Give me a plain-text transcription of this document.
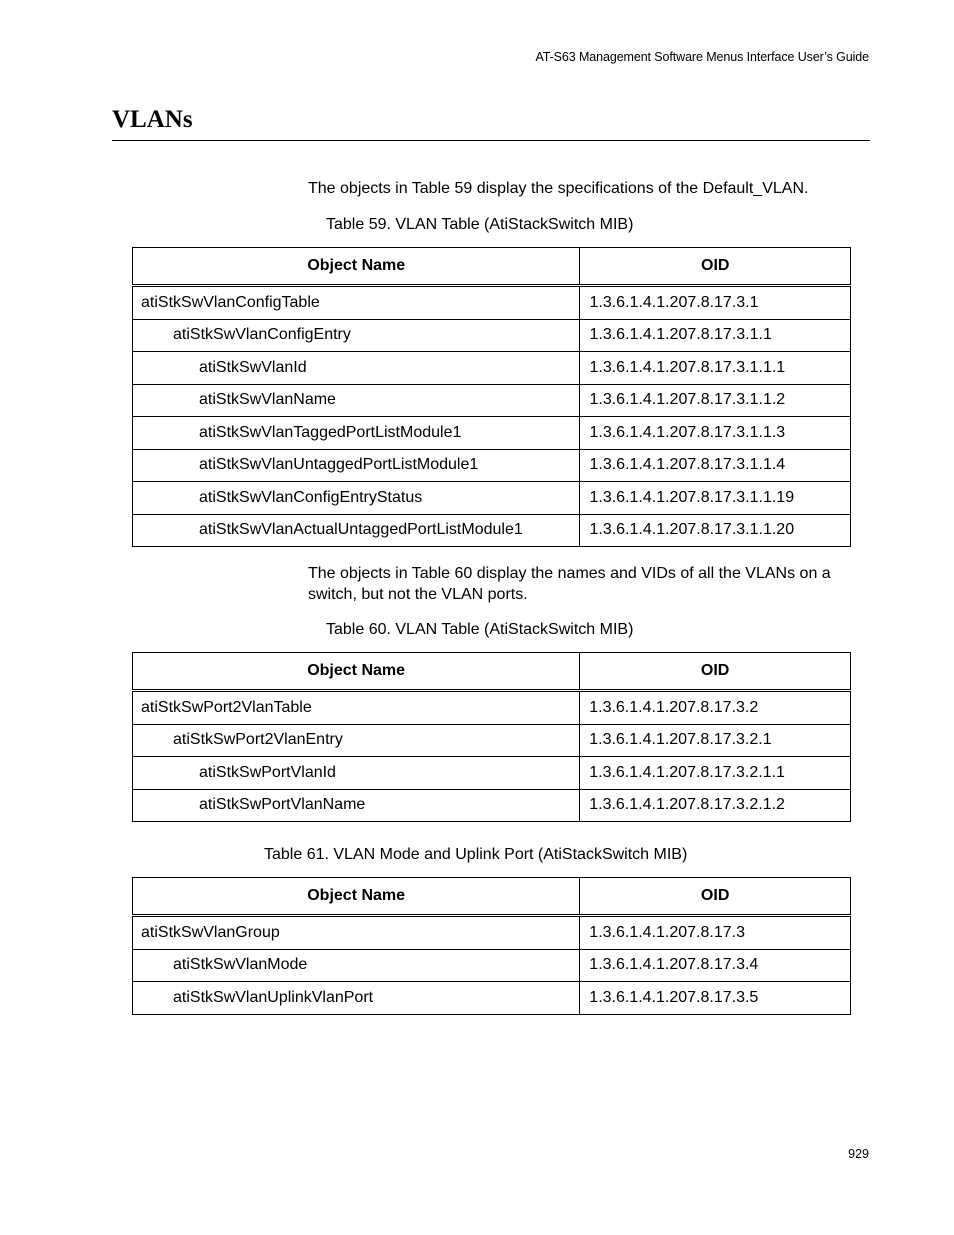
AT-S63 Management Software Menus Interface User’s Guide
VLANs
The objects in Table 59 display the specifications of the Default_VLAN.
Table 59. VLAN Table (AtiStackSwitch MIB)
Object Name	OID
atiStkSwVlanConfigTable	1.3.6.1.4.1.207.8.17.3.1
atiStkSwVlanConfigEntry	1.3.6.1.4.1.207.8.17.3.1.1
atiStkSwVlanId	1.3.6.1.4.1.207.8.17.3.1.1.1
atiStkSwVlanName	1.3.6.1.4.1.207.8.17.3.1.1.2
atiStkSwVlanTaggedPortListModule1	1.3.6.1.4.1.207.8.17.3.1.1.3
atiStkSwVlanUntaggedPortListModule1	1.3.6.1.4.1.207.8.17.3.1.1.4
atiStkSwVlanConfigEntryStatus	1.3.6.1.4.1.207.8.17.3.1.1.19
atiStkSwVlanActualUntaggedPortListModule1	1.3.6.1.4.1.207.8.17.3.1.1.20
The objects in Table 60 display the names and VIDs of all the VLANs on a switch, but not the VLAN ports.
Table 60. VLAN Table (AtiStackSwitch MIB)
Object Name	OID
atiStkSwPort2VlanTable	1.3.6.1.4.1.207.8.17.3.2
atiStkSwPort2VlanEntry	1.3.6.1.4.1.207.8.17.3.2.1
atiStkSwPortVlanId	1.3.6.1.4.1.207.8.17.3.2.1.1
atiStkSwPortVlanName	1.3.6.1.4.1.207.8.17.3.2.1.2
Table 61. VLAN Mode and Uplink Port (AtiStackSwitch MIB)
Object Name	OID
atiStkSwVlanGroup	1.3.6.1.4.1.207.8.17.3
atiStkSwVlanMode	1.3.6.1.4.1.207.8.17.3.4
atiStkSwVlanUplinkVlanPort	1.3.6.1.4.1.207.8.17.3.5
929
